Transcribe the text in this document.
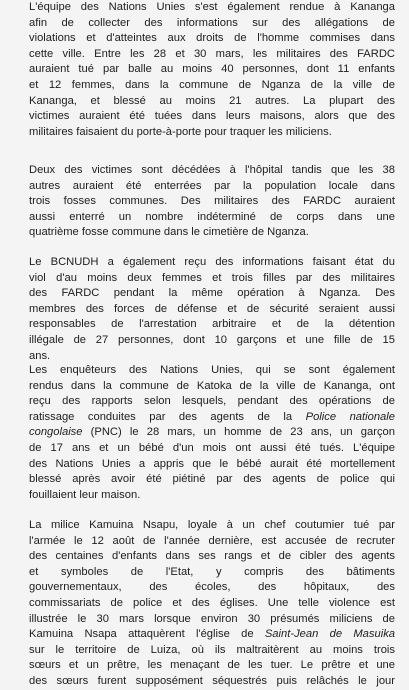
L'équipe des Nations Unies s'est également rendue à Kananga
afin de collecter des informations sur des allégations de
violations et d'atteintes aux droits de l'homme commises dans
cette ville. Entre les 28 et 30 mars, les militaires des FARDC
auraient tué par balle au moins 40 personnes, dont 11 enfants
et 12 femmes, dans la commune de Nganza de la ville de
Kananga, et blessé au moins 21 autres. La plupart des
victimes auraient été tuées dans leurs maisons, alors que des
militaires faisaient du porte-à-porte pour traquer les miliciens.
Deux des victimes sont décédées à l'hôpital tandis que les 38
autres auraient été enterrées par la population locale dans
trois fosses communes. Des militaires des FARDC auraient
aussi enterré un nombre indéterminé de corps dans une
quatrième fosse commune dans le cimetière de Nganza.
Le BCNUDH a également reçu des informations faisant état du
viol d'au moins deux femmes et trois filles par des militaires
des FARDC pendant la même opération à Nganza. Des
membres des forces de défense et de sécurité seraient aussi
responsables de l'arrestation arbitraire et de la détention
illégale de 27 personnes, dont 10 garçons et une fille de 15
ans.
Les enquêteurs des Nations Unies, qui se sont également
rendus dans la commune de Katoka de la ville de Kananga, ont
reçu des rapports selon lesquels, pendant des opérations de
ratissage conduites par des agents de la Police nationale
congolaise (PNC) le 28 mars, un homme de 23 ans, un garçon
de 17 ans et un bébé d'un mois ont aussi été tués. L'équipe
des Nations Unies a appris que le bébé aurait été mortellement
blessé après avoir été piétiné par des agents de police qui
fouillaient leur maison.
La milice Kamuina Nsapu, loyale à un chef coutumier tué par
l'armée le 12 août de l'année dernière, est accusée de recruter
des centaines d'enfants dans ses rangs et de cibler des agents
et symboles de l'Etat, y compris des bâtiments
gouvernementaux, des écoles, des hôpitaux, des
commissariats de police et des églises. Une telle violence est
illustrée le 30 mars lorsque environ 30 présumés miliciens de
Kamuina Nsapa attaquèrent l'église de Saint-Jean de Masuika
sur le territoire de Luiza, où ils maltraitèrent au moins trois
sœurs et un prêtre, les menaçant de les tuer. Le prêtre et une
des sœurs furent supposément séquestrés puis relâchés le jour
